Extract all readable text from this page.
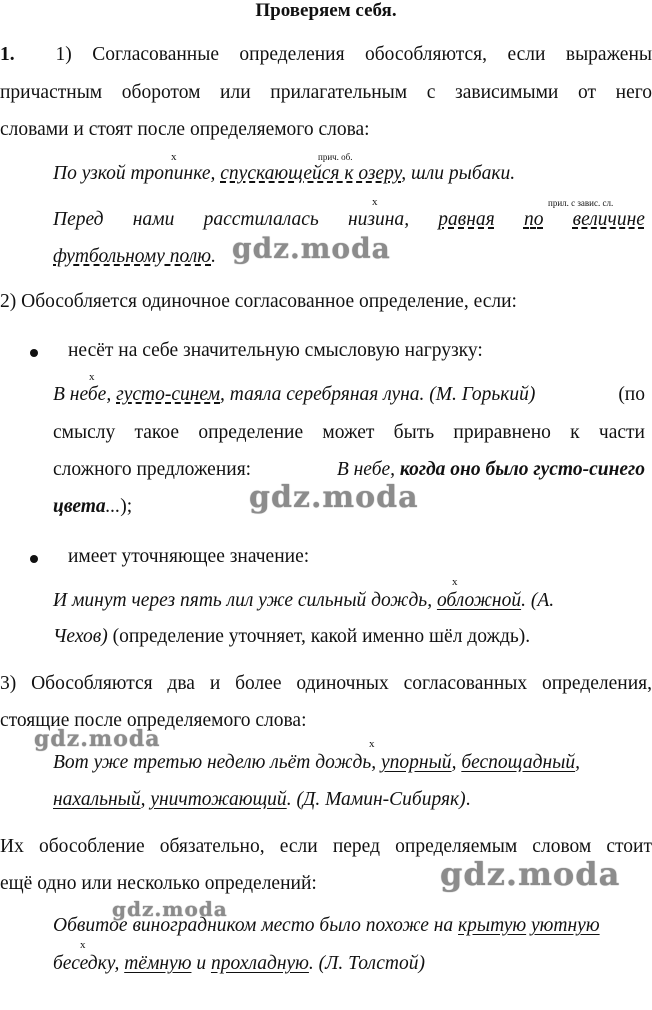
Проверяем себя.
1. 1) Согласованные определения обособляются, если выражены
причастным оборотом или прилагательным с зависимыми от него
словами и стоят после определяемого слова:
x	прич. об.
По узкой тропинке, спускающейся к озеру, шли рыбаки.
x	прил. с завис. сл.
Перед нами расстилалась низина, равная по величине
футбольному полю. gdz.moda
2) Обособляется одиночное согласованное определение, если:
несёт на себе значительную смысловую нагрузку:
x
В небе, густо-синем, таяла серебряная луна. (М. Горький)	(по
смыслу такое определение может быть приравнено к части
сложного предложения:	В небе, когда оно было густо-синего
цвета...);	gdz.moda
имеет уточняющее значение:
x
И минут через пять лил уже сильный дождь, обложной. (А.
Чехов) (определение уточняет, какой именно шёл дождь).
3) Обособляются два и более одиночных согласованных определения,
стоящие после определяемого слова:
gdz.moda	x
Вот уже третью неделю льёт дождь, упорный, беспощадный,
нахальный, уничтожающий. (Д. Мамин-Сибиряк).
Их обособление обязательно, если перед определяемым словом стоит
ещё одно или несколько определений:	gdz.moda
gdz.moda
Обвитое виноградником место было похоже на крытую уютную
x
беседку, тёмную и прохладную. (Л. Толстой)
